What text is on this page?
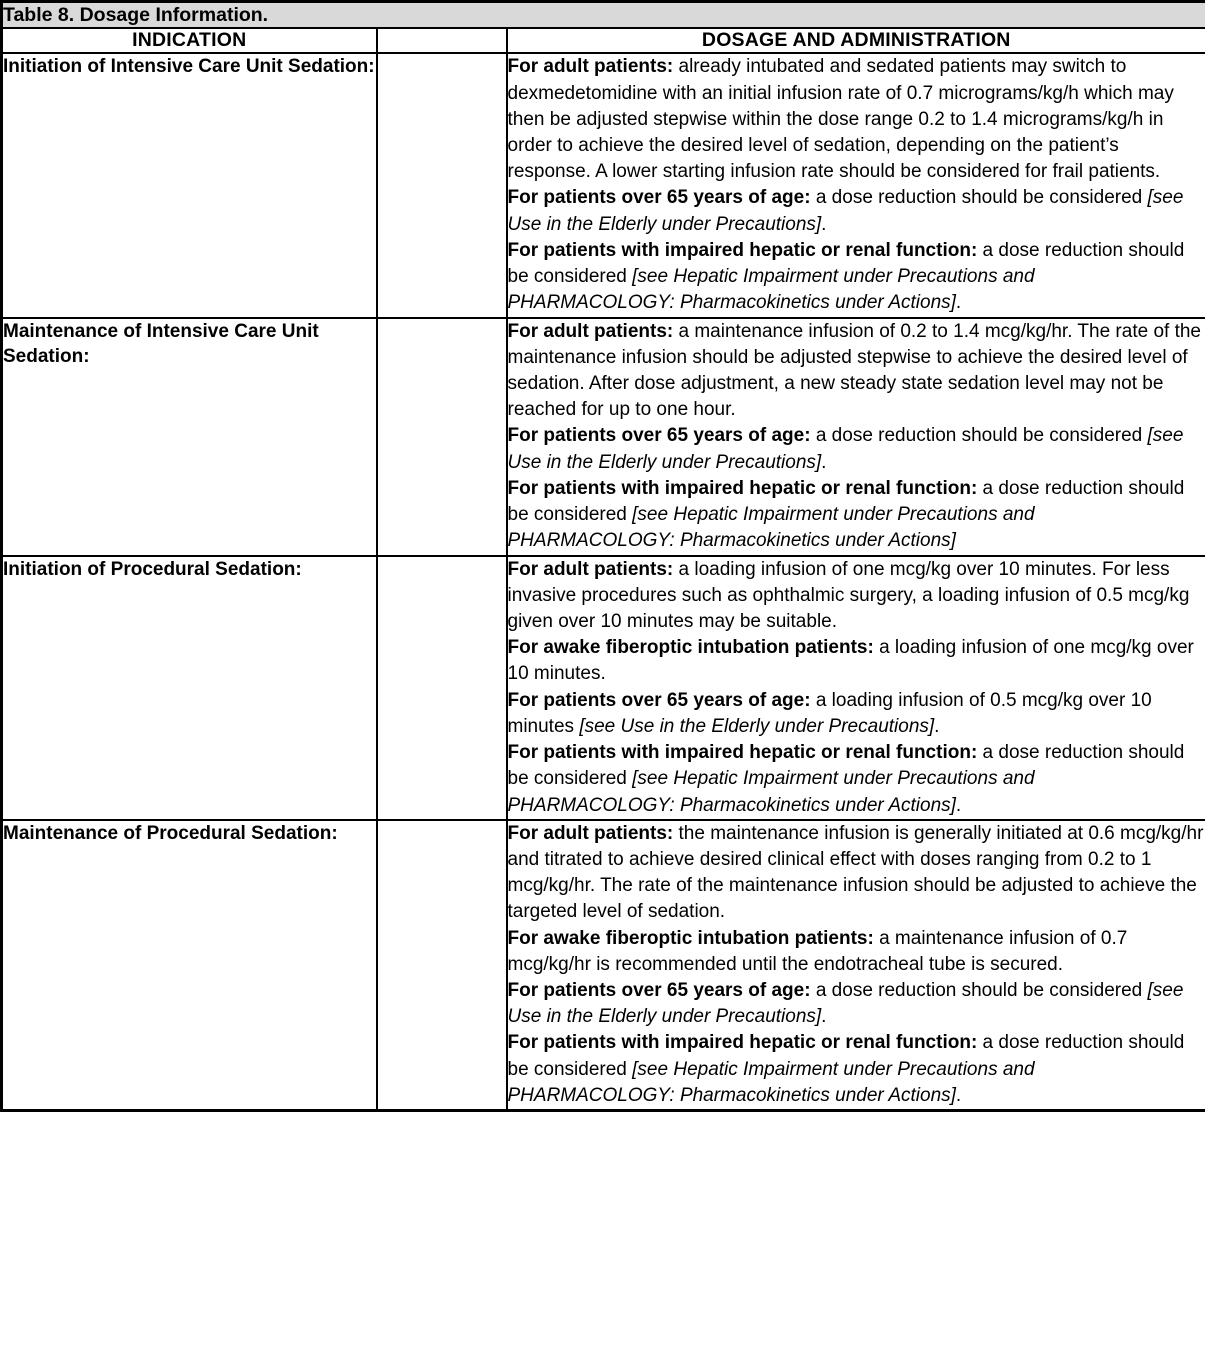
Table 8. Dosage Information.		
INDICATION		DOSAGE AND ADMINISTRATION
Initiation of Intensive Care Unit Sedation:		For adult patients: already intubated and sedated patients may switch to dexmedetomidine with an initial infusion rate of 0.7 micrograms/kg/h which may then be adjusted stepwise within the dose range 0.2 to 1.4 micrograms/kg/h in order to achieve the desired level of sedation, depending on the patient’s response. A lower starting infusion rate should be considered for frail patients.

For patients over 65 years of age: a dose reduction should be considered [see Use in the Elderly under Precautions].

For patients with impaired hepatic or renal function: a dose reduction should be considered [see Hepatic Impairment under Precautions and PHARMACOLOGY: Pharmacokinetics under Actions].

Maintenance of Intensive Care Unit Sedation:		For adult patients: a maintenance infusion of 0.2 to 1.4 mcg/kg/hr. The rate of the maintenance infusion should be adjusted stepwise to achieve the desired level of sedation. After dose adjustment, a new steady state sedation level may not be reached for up to one hour.

For patients over 65 years of age: a dose reduction should be considered [see Use in the Elderly under Precautions].

For patients with impaired hepatic or renal function: a dose reduction should be considered [see Hepatic Impairment under Precautions and PHARMACOLOGY: Pharmacokinetics under Actions]

Initiation of Procedural Sedation:		For adult patients: a loading infusion of one mcg/kg over 10 minutes. For less invasive procedures such as ophthalmic surgery, a loading infusion of 0.5 mcg/kg given over 10 minutes may be suitable.

For awake fiberoptic intubation patients: a loading infusion of one mcg/kg over 10 minutes.

For patients over 65 years of age: a loading infusion of 0.5 mcg/kg over 10 minutes [see Use in the Elderly under Precautions].

For patients with impaired hepatic or renal function: a dose reduction should be considered [see Hepatic Impairment under Precautions and PHARMACOLOGY: Pharmacokinetics under Actions].

Maintenance of Procedural Sedation:		For adult patients: the maintenance infusion is generally initiated at 0.6 mcg/kg/hr and titrated to achieve desired clinical effect with doses ranging from 0.2 to 1 mcg/kg/hr. The rate of the maintenance infusion should be adjusted to achieve the targeted level of sedation.

For awake fiberoptic intubation patients: a maintenance infusion of 0.7 mcg/kg/hr is recommended until the endotracheal tube is secured.

For patients over 65 years of age: a dose reduction should be considered [see Use in the Elderly under Precautions].

For patients with impaired hepatic or renal function: a dose reduction should be considered [see Hepatic Impairment under Precautions and PHARMACOLOGY: Pharmacokinetics under Actions].
